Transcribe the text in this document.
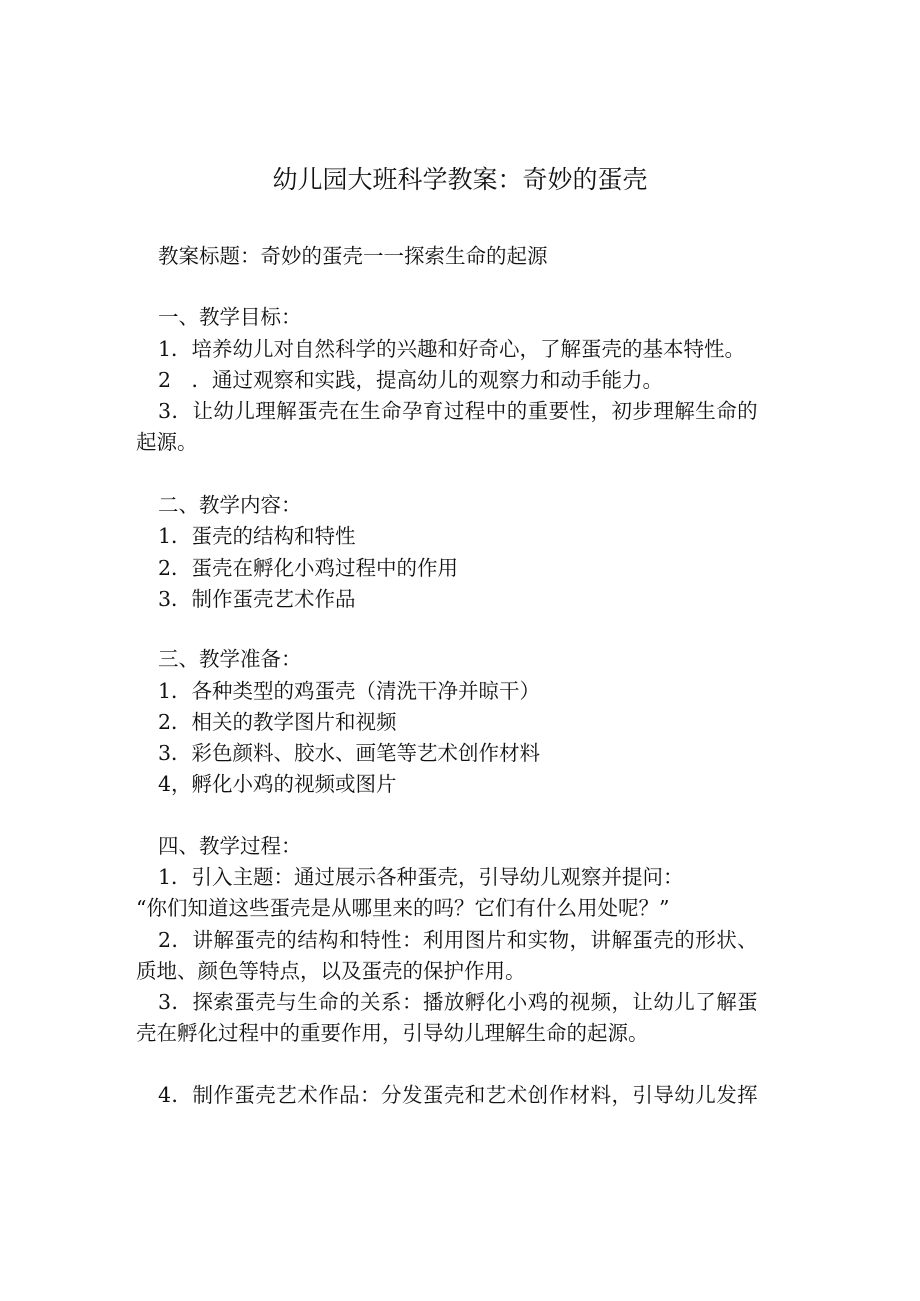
幼儿园大班科学教案：奇妙的蛋壳
教案标题：奇妙的蛋壳一一探索生命的起源
一、教学目标：
1．培养幼儿对自然科学的兴趣和好奇心，了解蛋壳的基本特性。
2　．通过观察和实践，提高幼儿的观察力和动手能力。
3．让幼儿理解蛋壳在生命孕育过程中的重要性，初步理解生命的
起源。
二、教学内容：
1．蛋壳的结构和特性
2．蛋壳在孵化小鸡过程中的作用
3．制作蛋壳艺术作品
三、教学准备：
1．各种类型的鸡蛋壳（清洗干净并晾干）
2．相关的教学图片和视频
3．彩色颜料、胶水、画笔等艺术创作材料
4，孵化小鸡的视频或图片
四、教学过程：
1．引入主题：通过展示各种蛋壳，引导幼儿观察并提问：
“你们知道这些蛋壳是从哪里来的吗？它们有什么用处呢？”
2．讲解蛋壳的结构和特性：利用图片和实物，讲解蛋壳的形状、
质地、颜色等特点，以及蛋壳的保护作用。
3．探索蛋壳与生命的关系：播放孵化小鸡的视频，让幼儿了解蛋
壳在孵化过程中的重要作用，引导幼儿理解生命的起源。
4．制作蛋壳艺术作品：分发蛋壳和艺术创作材料，引导幼儿发挥
